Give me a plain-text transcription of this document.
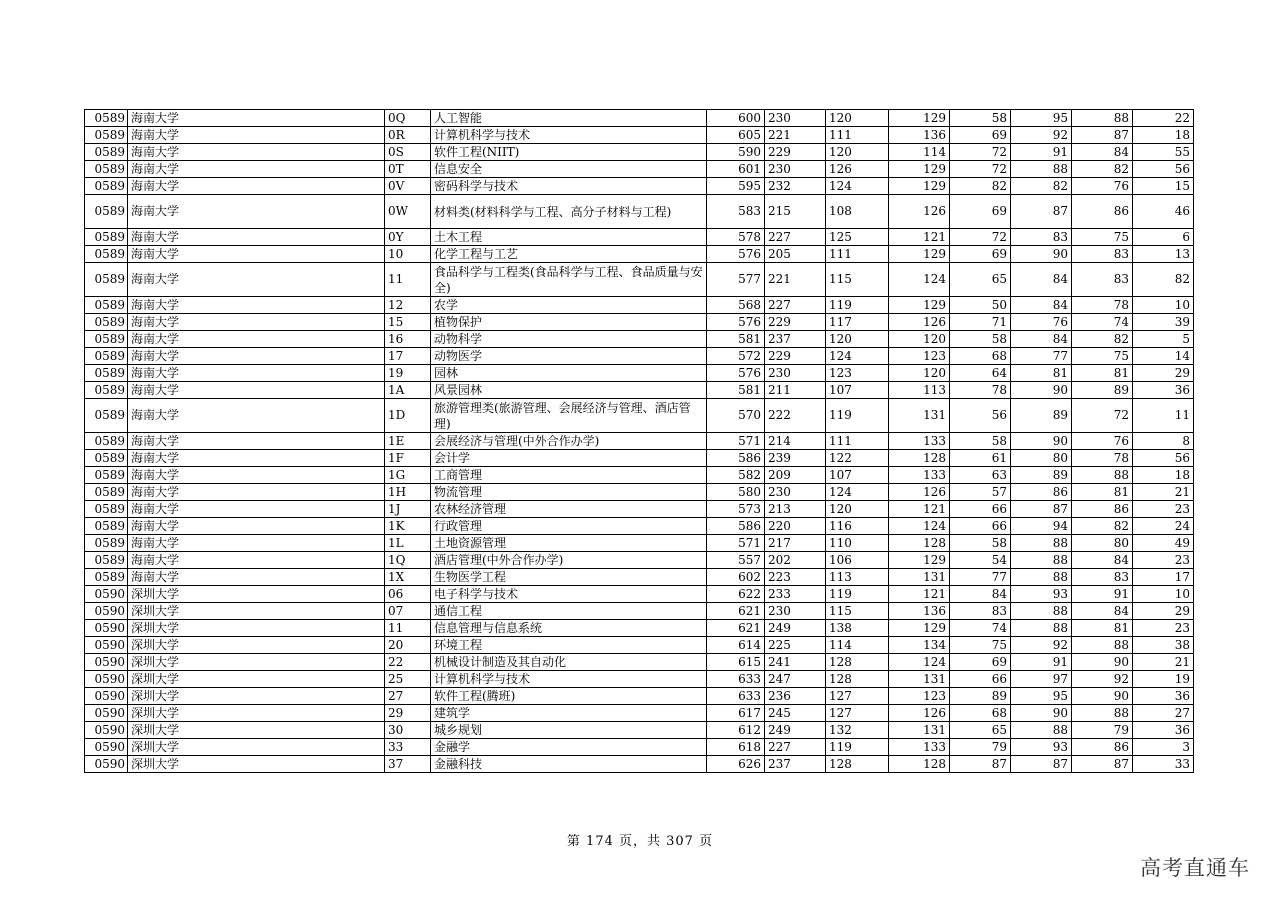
0589	海南大学	0Q	人工智能	600	230	120	129	58	95	88	22
0589	海南大学	0R	计算机科学与技术	605	221	111	136	69	92	87	18
0589	海南大学	0S	软件工程(NIIT)	590	229	120	114	72	91	84	55
0589	海南大学	0T	信息安全	601	230	126	129	72	88	82	56
0589	海南大学	0V	密码科学与技术	595	232	124	129	82	82	76	15
0589	海南大学	0W	材料类(材料科学与工程、高分子材料与工程)	583	215	108	126	69	87	86	46
0589	海南大学	0Y	土木工程	578	227	125	121	72	83	75	6
0589	海南大学	10	化学工程与工艺	576	205	111	129	69	90	83	13
0589	海南大学	11	食品科学与工程类(食品科学与工程、食品质量与安全)	577	221	115	124	65	84	83	82
0589	海南大学	12	农学	568	227	119	129	50	84	78	10
0589	海南大学	15	植物保护	576	229	117	126	71	76	74	39
0589	海南大学	16	动物科学	581	237	120	120	58	84	82	5
0589	海南大学	17	动物医学	572	229	124	123	68	77	75	14
0589	海南大学	19	园林	576	230	123	120	64	81	81	29
0589	海南大学	1A	风景园林	581	211	107	113	78	90	89	36
0589	海南大学	1D	旅游管理类(旅游管理、会展经济与管理、酒店管理)	570	222	119	131	56	89	72	11
0589	海南大学	1E	会展经济与管理(中外合作办学)	571	214	111	133	58	90	76	8
0589	海南大学	1F	会计学	586	239	122	128	61	80	78	56
0589	海南大学	1G	工商管理	582	209	107	133	63	89	88	18
0589	海南大学	1H	物流管理	580	230	124	126	57	86	81	21
0589	海南大学	1J	农林经济管理	573	213	120	121	66	87	86	23
0589	海南大学	1K	行政管理	586	220	116	124	66	94	82	24
0589	海南大学	1L	土地资源管理	571	217	110	128	58	88	80	49
0589	海南大学	1Q	酒店管理(中外合作办学)	557	202	106	129	54	88	84	23
0589	海南大学	1X	生物医学工程	602	223	113	131	77	88	83	17
0590	深圳大学	06	电子科学与技术	622	233	119	121	84	93	91	10
0590	深圳大学	07	通信工程	621	230	115	136	83	88	84	29
0590	深圳大学	11	信息管理与信息系统	621	249	138	129	74	88	81	23
0590	深圳大学	20	环境工程	614	225	114	134	75	92	88	38
0590	深圳大学	22	机械设计制造及其自动化	615	241	128	124	69	91	90	21
0590	深圳大学	25	计算机科学与技术	633	247	128	131	66	97	92	19
0590	深圳大学	27	软件工程(腾班)	633	236	127	123	89	95	90	36
0590	深圳大学	29	建筑学	617	245	127	126	68	90	88	27
0590	深圳大学	30	城乡规划	612	249	132	131	65	88	79	36
0590	深圳大学	33	金融学	618	227	119	133	79	93	86	3
0590	深圳大学	37	金融科技	626	237	128	128	87	87	87	33
第 174 页，共 307 页
高考直通车
